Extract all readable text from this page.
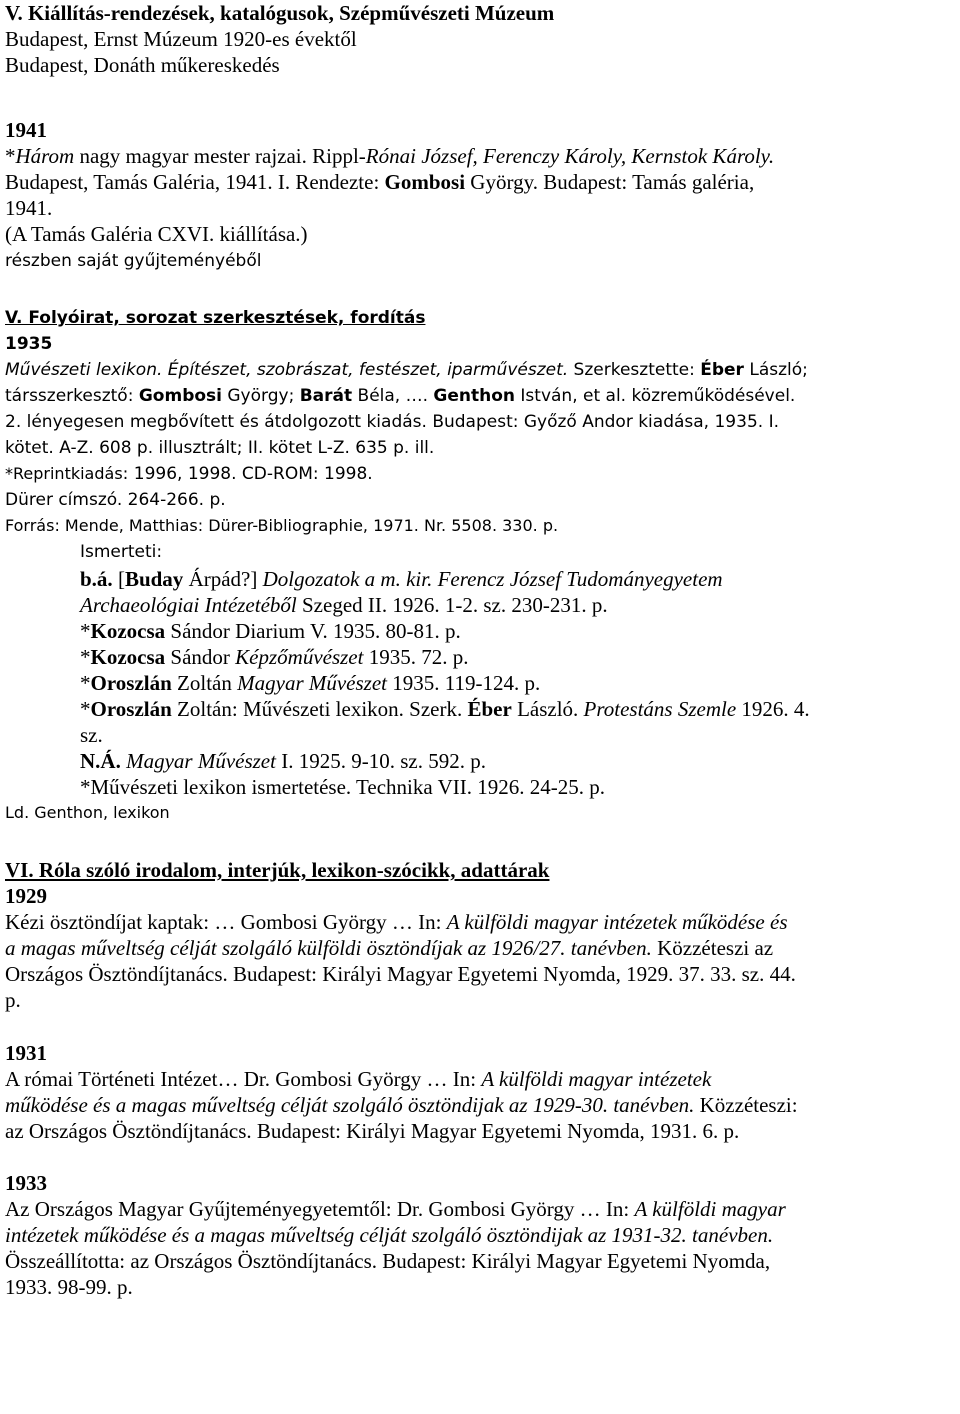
V. Kiállítás-rendezések, katalógusok, Szépművészeti Múzeum
Budapest, Ernst Múzeum 1920-es évektől
Budapest, Donáth műkereskedés
1941
*Három nagy magyar mester rajzai. Rippl-Rónai József, Ferenczy Károly, Kernstok Károly.
Budapest, Tamás Galéria, 1941. I. Rendezte: Gombosi György. Budapest: Tamás galéria,
1941.
(A Tamás Galéria CXVI. kiállítása.)
részben saját gyűjteményéből
V. Folyóirat, sorozat szerkesztések, fordítás
1935
Művészeti lexikon. Építészet, szobrászat, festészet, iparművészet. Szerkesztette: Éber László;
társszerkesztő: Gombosi György; Barát Béla, …. Genthon István, et al. közreműködésével.
2. lényegesen megbővített és átdolgozott kiadás. Budapest: Győző Andor kiadása, 1935. I.
kötet. A-Z. 608 p. illusztrált; II. kötet L-Z. 635 p. ill.
*Reprintkiadás: 1996, 1998. CD-ROM: 1998.
Dürer címszó. 264-266. p.
Forrás: Mende, Matthias: Dürer-Bibliographie, 1971. Nr. 5508. 330. p.
Ismerteti:
b.á. [Buday Árpád?] Dolgozatok a m. kir. Ferencz József Tudományegyetem
Archaeológiai Intézetéből Szeged II. 1926. 1-2. sz. 230-231. p.
*Kozocsa Sándor Diarium V. 1935. 80-81. p.
*Kozocsa Sándor Képzőművészet 1935. 72. p.
*Oroszlán Zoltán Magyar Művészet 1935. 119-124. p.
*Oroszlán Zoltán: Művészeti lexikon. Szerk. Éber László. Protestáns Szemle 1926. 4.
sz.
N.Á. Magyar Művészet I. 1925. 9-10. sz. 592. p.
*Művészeti lexikon ismertetése. Technika VII. 1926. 24-25. p.
Ld. Genthon, lexikon
VI. Róla szóló irodalom, interjúk, lexikon-szócikk, adattárak
1929
Kézi ösztöndíjat kaptak: … Gombosi György … In: A külföldi magyar intézetek működése és
a magas műveltség célját szolgáló külföldi ösztöndíjak az 1926/27. tanévben. Közzéteszi az
Országos Ösztöndíjtanács. Budapest: Királyi Magyar Egyetemi Nyomda, 1929. 37. 33. sz. 44.
p.
1931
A római Történeti Intézet… Dr. Gombosi György … In: A külföldi magyar intézetek
működése és a magas műveltség célját szolgáló ösztöndijak az 1929-30. tanévben. Közzéteszi:
az Országos Ösztöndíjtanács. Budapest: Királyi Magyar Egyetemi Nyomda, 1931. 6. p.
1933
Az Országos Magyar Gyűjteményegyetemtől: Dr. Gombosi György … In: A külföldi magyar
intézetek működése és a magas műveltség célját szolgáló ösztöndijak az 1931-32. tanévben.
Összeállította: az Országos Ösztöndíjtanács. Budapest: Királyi Magyar Egyetemi Nyomda,
1933. 98-99. p.
